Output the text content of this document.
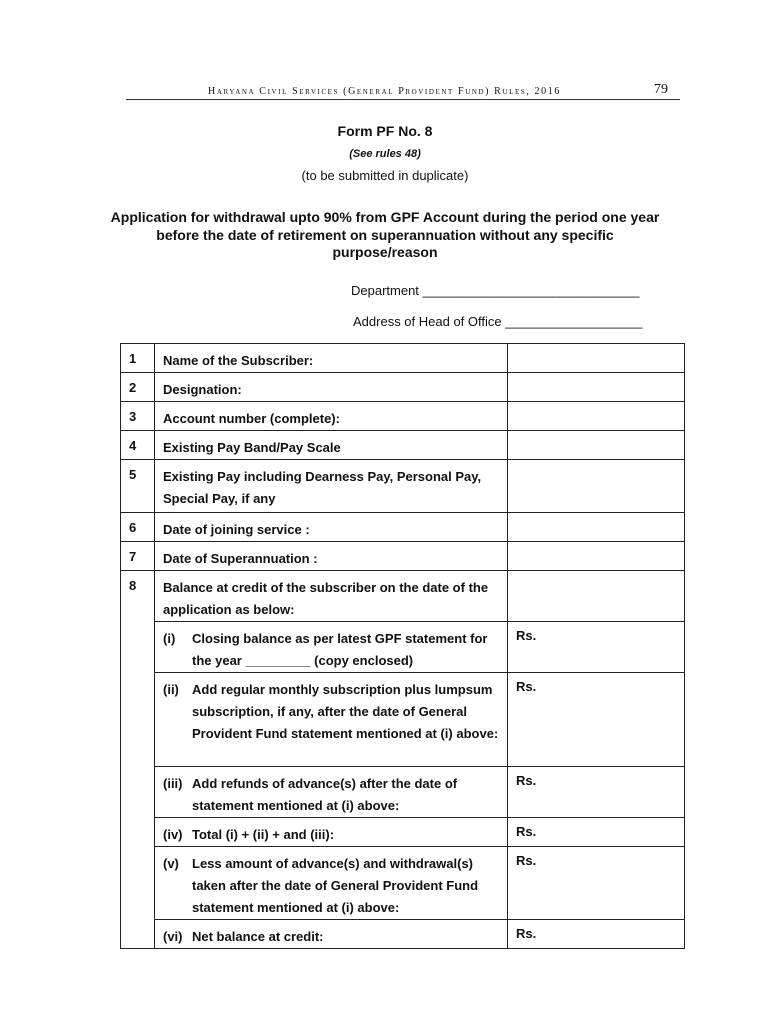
Haryana Civil Services (General Provident Fund) Rules, 2016	79
Form PF No. 8
(See rules 48)
(to be submitted in duplicate)
Application for withdrawal upto 90% from GPF Account during the period one year before the date of retirement on superannuation without any specific purpose/reason
Department ______________________________
Address of Head of Office ___________________
1	Name of the Subscriber:	
2	Designation:	
3	Account number (complete):	
4	Existing Pay Band/Pay Scale	
5	Existing Pay including Dearness Pay, Personal Pay, Special Pay, if any	
6	Date of joining service :	
7	Date of Superannuation :	
8	Balance at credit of the subscriber on the date of the application as below:	

	(i) Closing balance as per latest GPF statement for the year _________ (copy enclosed)	Rs.

	(ii) Add regular monthly subscription plus lumpsum subscription, if any, after the date of General Provident Fund statement mentioned at (i) above:	Rs.

	(iii) Add refunds of advance(s) after the date of statement mentioned at (i) above:	Rs.

	(iv) Total (i) + (ii) + and (iii):	Rs.

	(v) Less amount of advance(s) and withdrawal(s) taken after the date of General Provident Fund statement mentioned at (i) above:	Rs.

	(vi) Net balance at credit:	Rs.
